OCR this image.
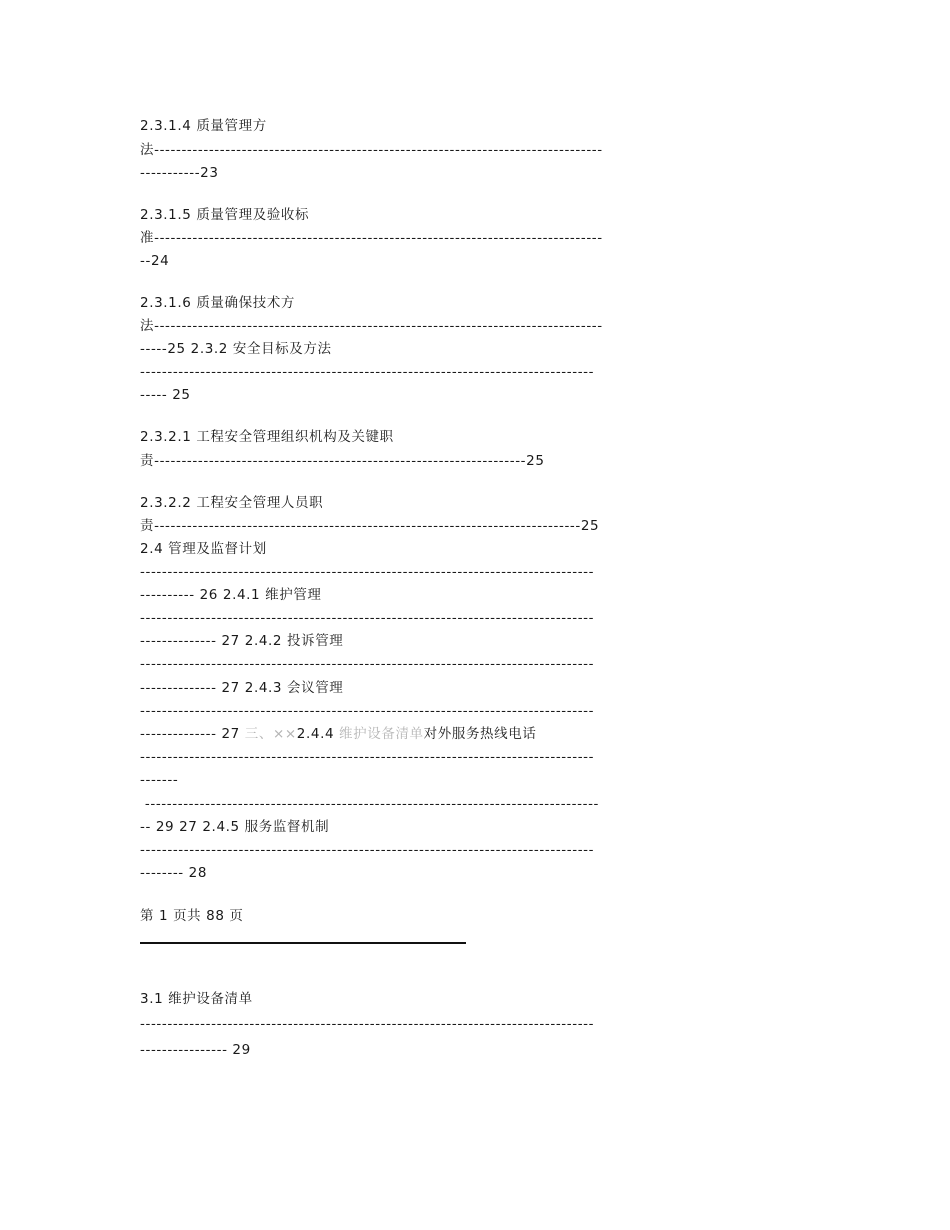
2.3.1.4 质量管理方
法----------------------------------------------------------------------------------
-----------23
2.3.1.5 质量管理及验收标
准----------------------------------------------------------------------------------
--24
2.3.1.6 质量确保技术方
法----------------------------------------------------------------------------------
-----25 2.3.2 安全目标及方法
-----------------------------------------------------------------------------------
----- 25
2.3.2.1 工程安全管理组织机构及关键职
责--------------------------------------------------------------------25
2.3.2.2 工程安全管理人员职
责------------------------------------------------------------------------------25
2.4 管理及监督计划
-----------------------------------------------------------------------------------
---------- 26 2.4.1 维护管理
-----------------------------------------------------------------------------------
-------------- 27 2.4.2 投诉管理
-----------------------------------------------------------------------------------
-------------- 27 2.4.3 会议管理
-----------------------------------------------------------------------------------
-------------- 27 三、××2.4.4 维护设备清单对外服务热线电话
-----------------------------------------------------------------------------------
-------
-----------------------------------------------------------------------------------
-- 29 27 2.4.5 服务监督机制
-----------------------------------------------------------------------------------
-------- 28
第 1 页共 88 页
3.1 维护设备清单
-----------------------------------------------------------------------------------
---------------- 29
